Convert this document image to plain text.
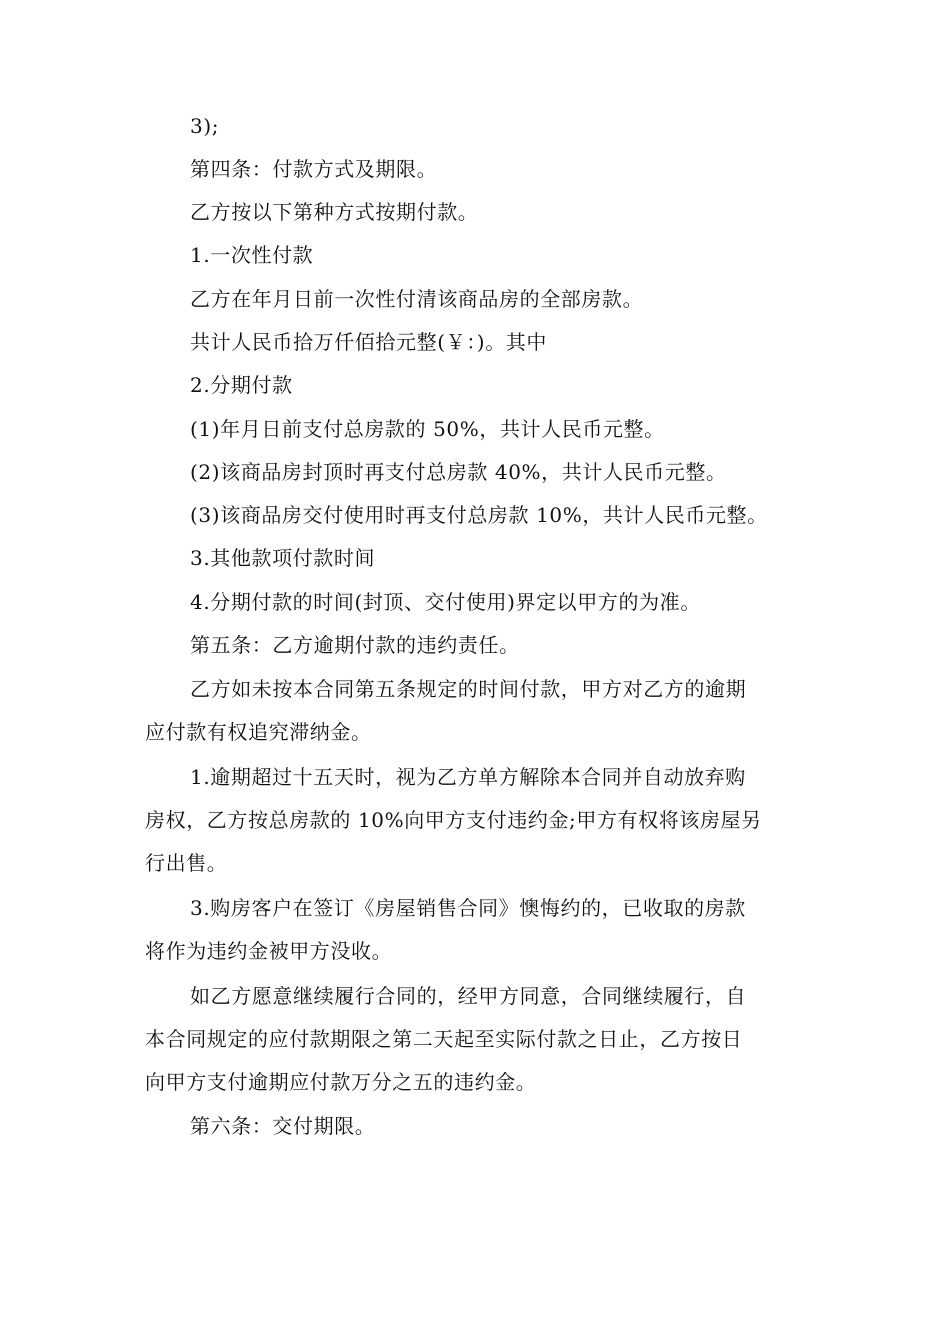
3);
第四条：付款方式及期限。
乙方按以下第种方式按期付款。
1.一次性付款
乙方在年月日前一次性付清该商品房的全部房款。
共计人民币拾万仟佰拾元整(￥：)。其中
2.分期付款
(1)年月日前支付总房款的 50%，共计人民币元整。
(2)该商品房封顶时再支付总房款 40%，共计人民币元整。
(3)该商品房交付使用时再支付总房款 10%，共计人民币元整。
3.其他款项付款时间
4.分期付款的时间(封顶、交付使用)界定以甲方的为准。
第五条：乙方逾期付款的违约责任。
乙方如未按本合同第五条规定的时间付款，甲方对乙方的逾期
应付款有权追究滞纳金。
1.逾期超过十五天时，视为乙方单方解除本合同并自动放弃购
房权，乙方按总房款的 10%向甲方支付违约金;甲方有权将该房屋另
行出售。
3.购房客户在签订《房屋销售合同》懊悔约的，已收取的房款
将作为违约金被甲方没收。
如乙方愿意继续履行合同的，经甲方同意，合同继续履行，自
本合同规定的应付款期限之第二天起至实际付款之日止，乙方按日
向甲方支付逾期应付款万分之五的违约金。
第六条：交付期限。
